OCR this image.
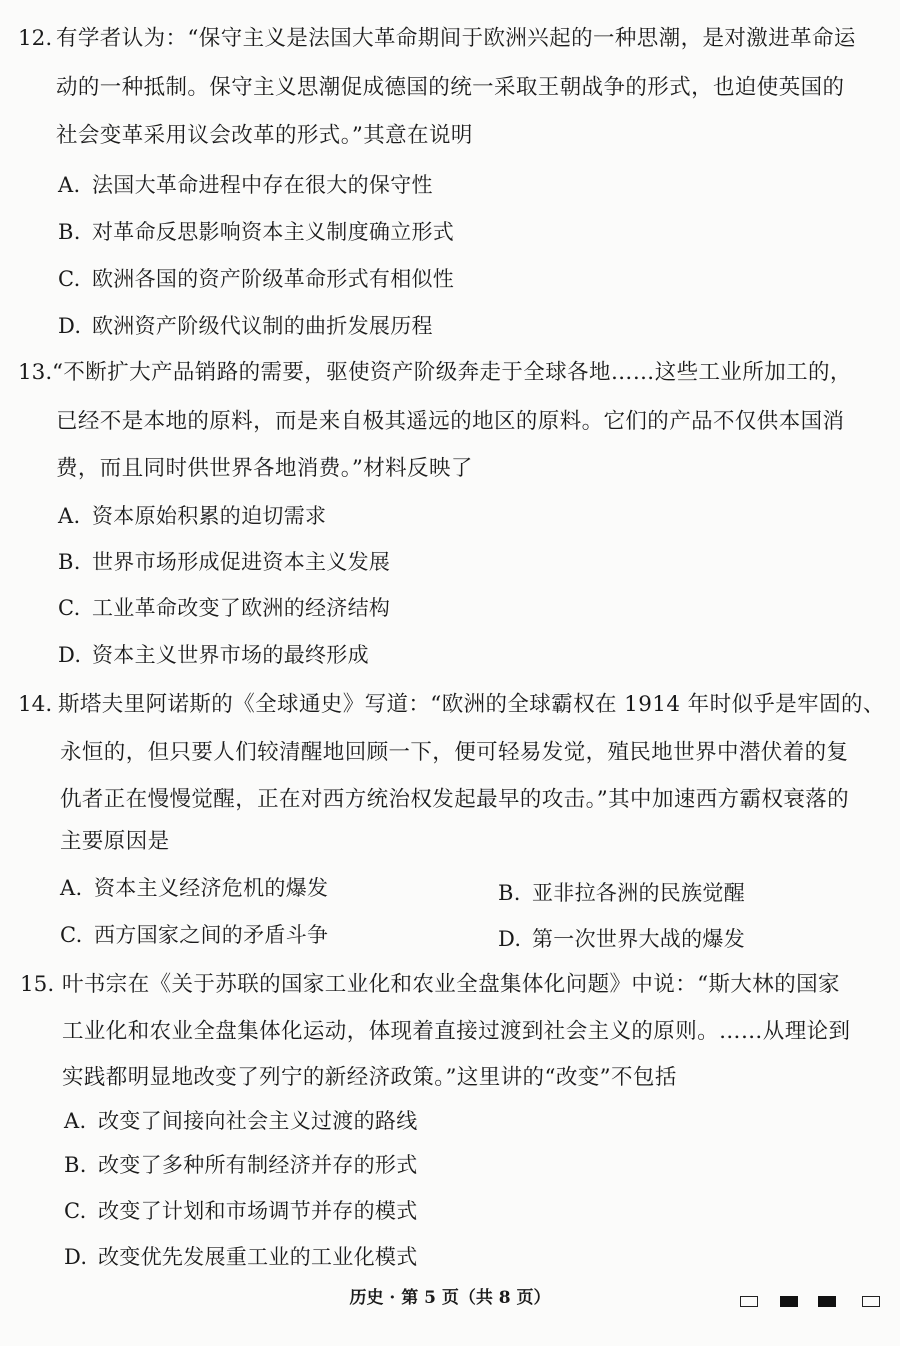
12. 有学者认为：“保守主义是法国大革命期间于欧洲兴起的一种思潮，是对激进革命运
动的一种抵制。保守主义思潮促成德国的统一采取王朝战争的形式，也迫使英国的
社会变革采用议会改革的形式。”其意在说明
A. 法国大革命进程中存在很大的保守性
B. 对革命反思影响资本主义制度确立形式
C. 欧洲各国的资产阶级革命形式有相似性
D. 欧洲资产阶级代议制的曲折发展历程
13. “不断扩大产品销路的需要，驱使资产阶级奔走于全球各地……这些工业所加工的，
已经不是本地的原料，而是来自极其遥远的地区的原料。它们的产品不仅供本国消
费，而且同时供世界各地消费。”材料反映了
A. 资本原始积累的迫切需求
B. 世界市场形成促进资本主义发展
C. 工业革命改变了欧洲的经济结构
D. 资本主义世界市场的最终形成
14. 斯塔夫里阿诺斯的《全球通史》写道：“欧洲的全球霸权在 1914 年时似乎是牢固的、
永恒的，但只要人们较清醒地回顾一下，便可轻易发觉，殖民地世界中潜伏着的复
仇者正在慢慢觉醒，正在对西方统治权发起最早的攻击。”其中加速西方霸权衰落的
主要原因是
A. 资本主义经济危机的爆发	B. 亚非拉各洲的民族觉醒
C. 西方国家之间的矛盾斗争	D. 第一次世界大战的爆发
15. 叶书宗在《关于苏联的国家工业化和农业全盘集体化问题》中说：“斯大林的国家
工业化和农业全盘集体化运动，体现着直接过渡到社会主义的原则。……从理论到
实践都明显地改变了列宁的新经济政策。”这里讲的“改变”不包括
A. 改变了间接向社会主义过渡的路线
B. 改变了多种所有制经济并存的形式
C. 改变了计划和市场调节并存的模式
D. 改变优先发展重工业的工业化模式
历史 · 第 5 页（共 8 页）
